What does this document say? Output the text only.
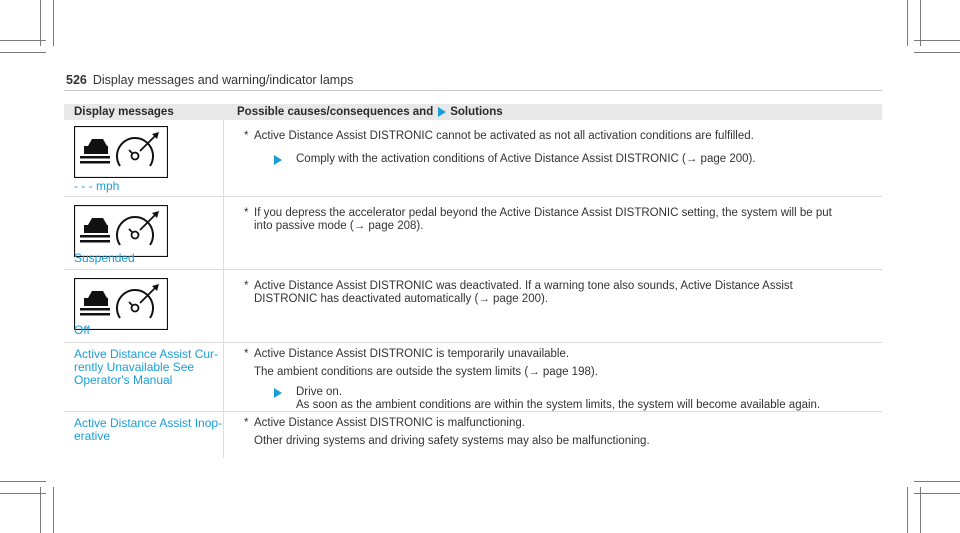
526 Display messages and warning/indicator lamps
Display messages	Possible causes/consequences and Solutions
- - - mph
* Active Distance Assist DISTRONIC cannot be activated as not all activation conditions are fulfilled.
Comply with the activation conditions of Active Distance Assist DISTRONIC (→ page 200).
Suspended
* If you depress the accelerator pedal beyond the Active Distance Assist DISTRONIC setting, the system will be put
into passive mode (→ page 208).
Off
* Active Distance Assist DISTRONIC was deactivated. If a warning tone also sounds, Active Distance Assist
DISTRONIC has deactivated automatically (→ page 200).
Active Distance Assist Cur-
rently Unavailable See
Operator's Manual
* Active Distance Assist DISTRONIC is temporarily unavailable.
The ambient conditions are outside the system limits (→ page 198).
Drive on.
As soon as the ambient conditions are within the system limits, the system will become available again.
Active Distance Assist Inop-
erative
* Active Distance Assist DISTRONIC is malfunctioning.
Other driving systems and driving safety systems may also be malfunctioning.
